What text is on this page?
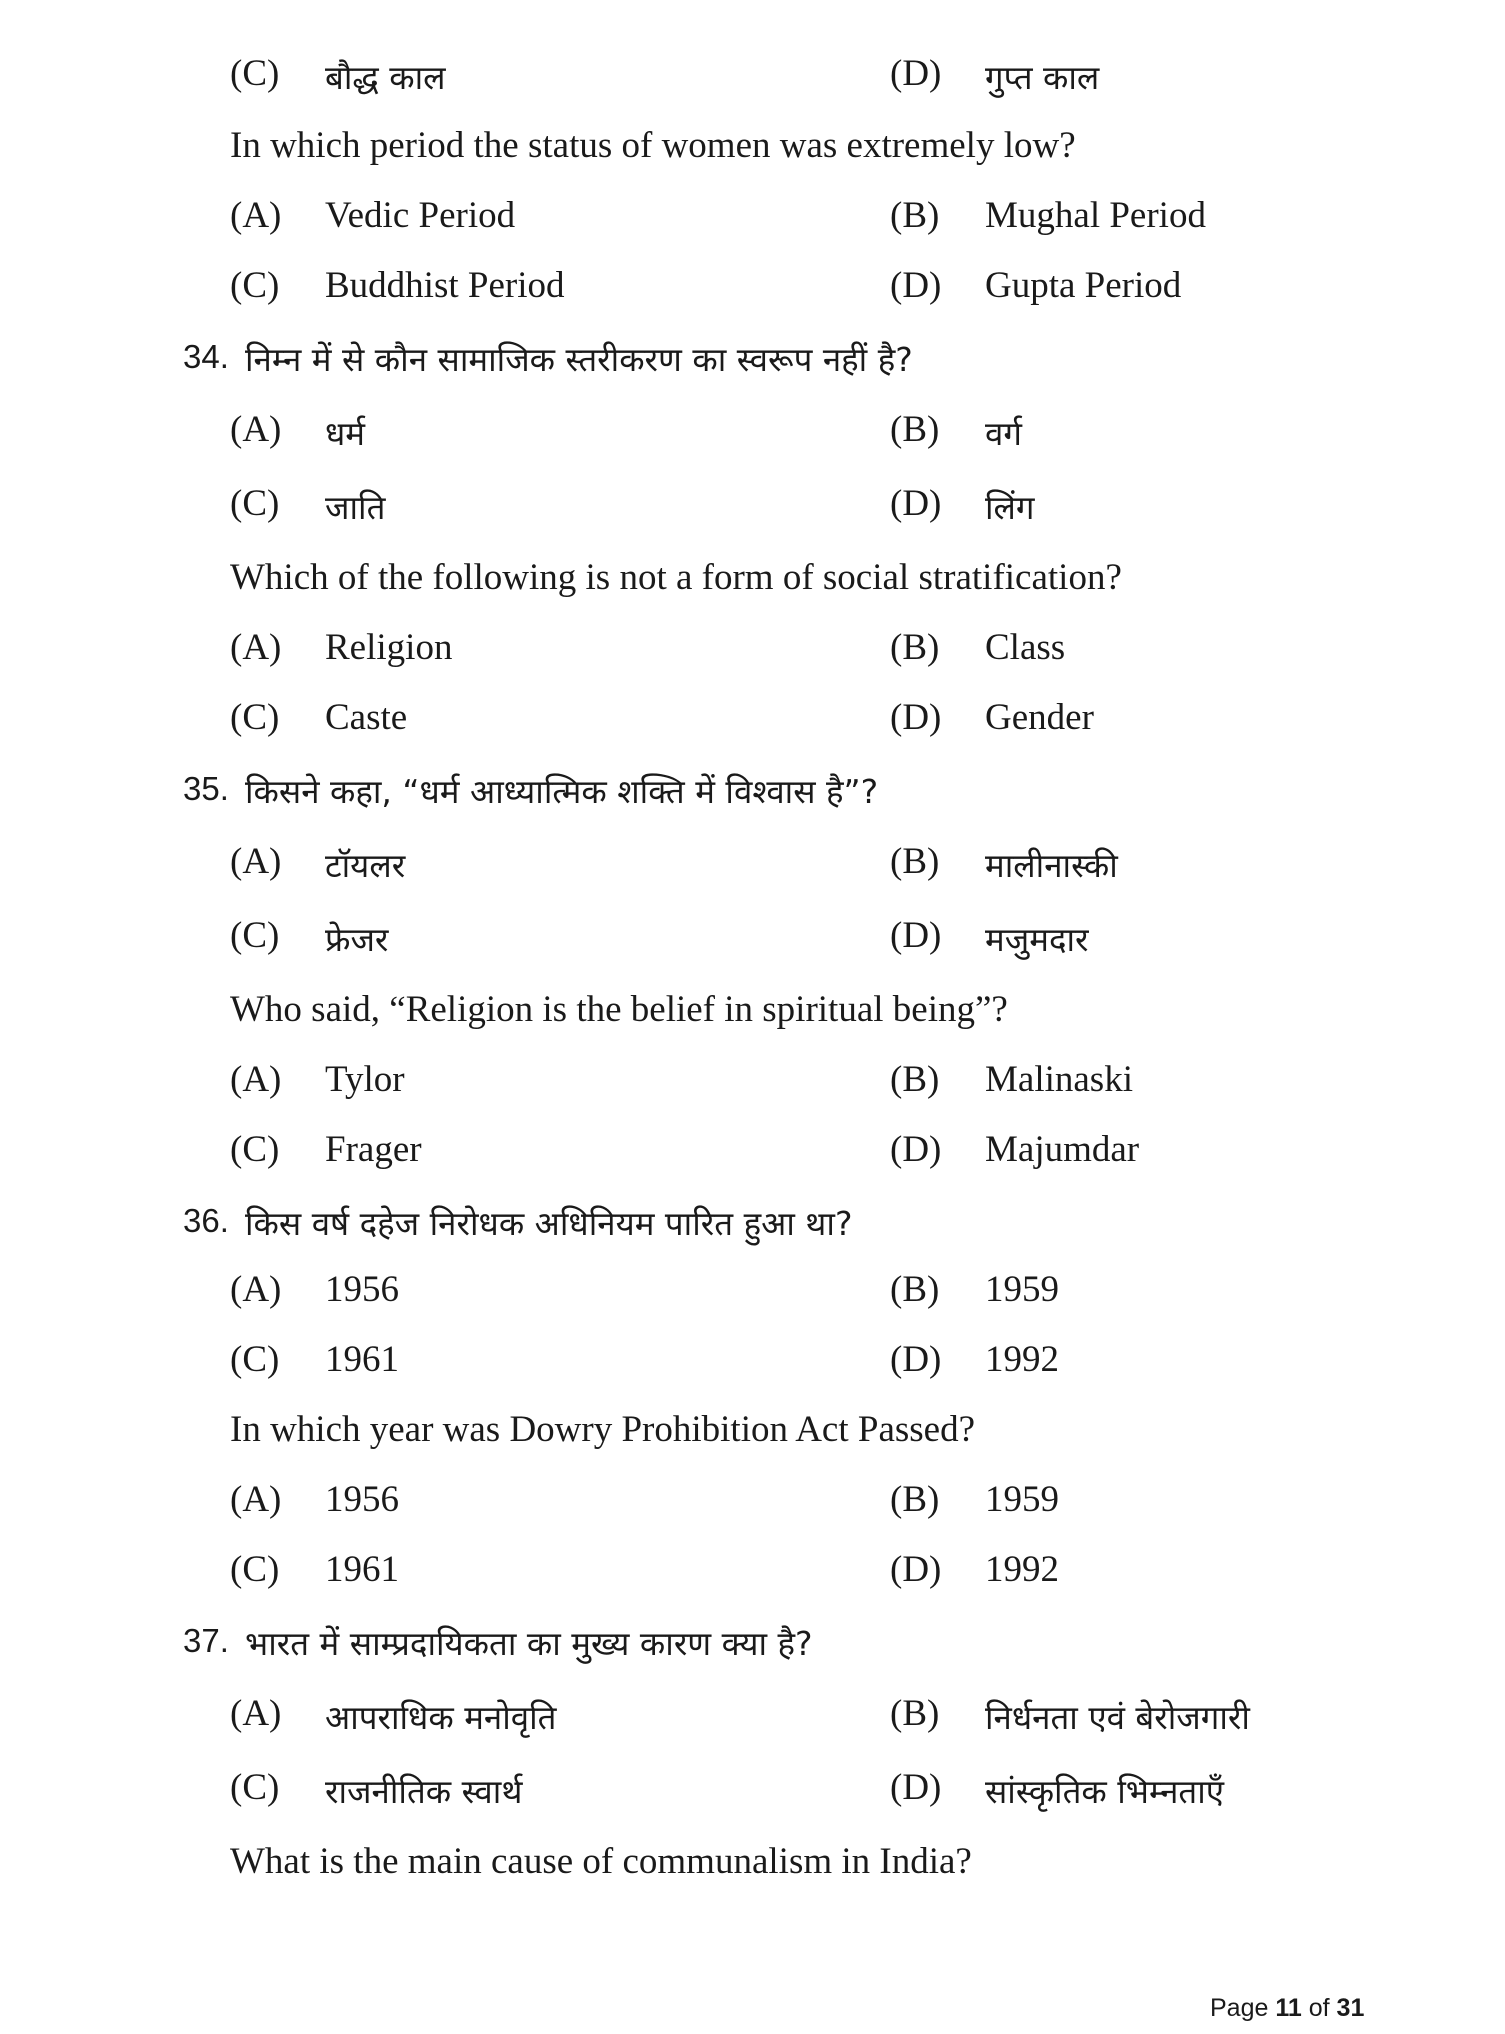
(C) बौद्ध काल	(D) गुप्त काल
In which period the status of women was extremely low?
(A) Vedic Period	(B) Mughal Period
(C) Buddhist Period	(D) Gupta Period
34. निम्न में से कौन सामाजिक स्तरीकरण का स्वरूप नहीं है?
(A) धर्म	(B) वर्ग
(C) जाति	(D) लिंग
Which of the following is not a form of social stratification?
(A) Religion	(B) Class
(C) Caste	(D) Gender
35. किसने कहा, “धर्म आध्यात्मिक शक्ति में विश्वास है”?
(A) टॉयलर	(B) मालीनास्की
(C) फ्रेजर	(D) मजुमदार
Who said, “Religion is the belief in spiritual being”?
(A) Tylor	(B) Malinaski
(C) Frager	(D) Majumdar
36. किस वर्ष दहेज निरोधक अधिनियम पारित हुआ था?
(A) 1956	(B) 1959
(C) 1961	(D) 1992
In which year was Dowry Prohibition Act Passed?
(A) 1956	(B) 1959
(C) 1961	(D) 1992
37. भारत में साम्प्रदायिकता का मुख्य कारण क्या है?
(A) आपराधिक मनोवृति	(B) निर्धनता एवं बेरोजगारी
(C) राजनीतिक स्वार्थ	(D) सांस्कृतिक भिम्नताएँ
What is the main cause of communalism in India?
Page 11 of 31
